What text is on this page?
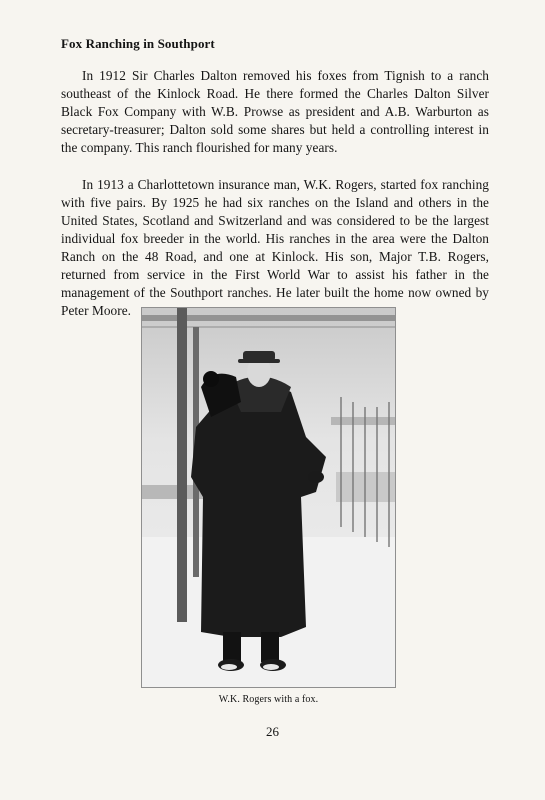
Fox Ranching in Southport

In 1912 Sir Charles Dalton removed his foxes from Tignish to a ranch southeast of the Kinlock Road. He there formed the Charles Dalton Silver Black Fox Company with W.B. Prowse as president and A.B. Warburton as secretary-treasurer; Dalton sold some shares but held a controlling interest in the company. This ranch flourished for many years.

In 1913 a Charlottetown insurance man, W.K. Rogers, started fox ranching with five pairs. By 1925 he had six ranches on the Island and others in the United States, Scotland and Switzerland and was considered to be the largest individual fox breeder in the world. His ranches in the area were the Dalton Ranch on the 48 Road, and one at Kinlock. His son, Major T.B. Rogers, returned from service in the First World War to assist his father in the management of the Southport ranches. He later built the home now owned by Peter Moore.

W.K. Rogers with a fox.
26
